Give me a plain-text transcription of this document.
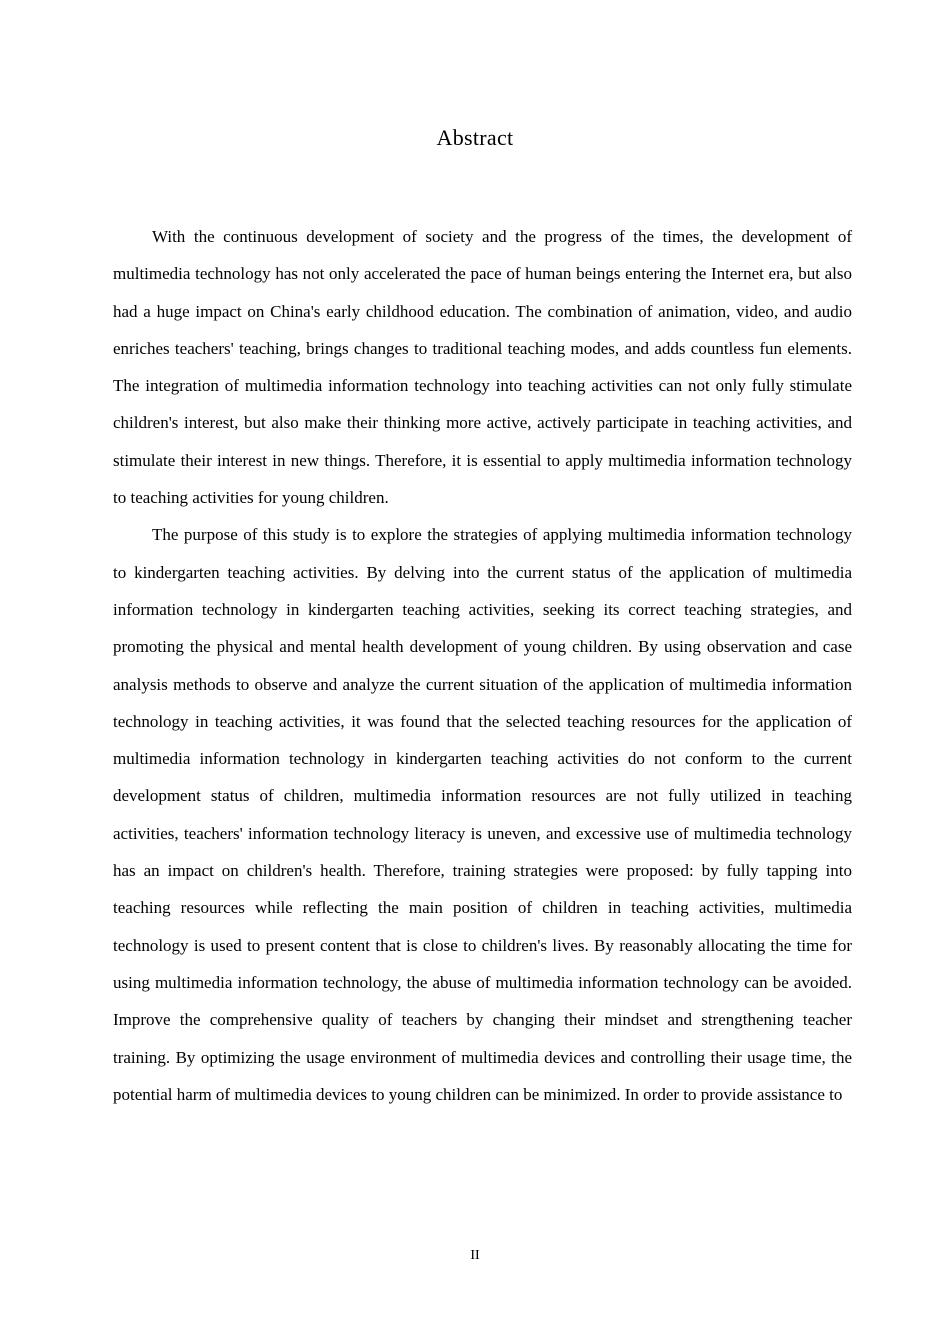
Abstract

With the continuous development of society and the progress of the times, the development of multimedia technology has not only accelerated the pace of human beings entering the Internet era, but also had a huge impact on China's early childhood education. The combination of animation, video, and audio enriches teachers' teaching, brings changes to traditional teaching modes, and adds countless fun elements. The integration of multimedia information technology into teaching activities can not only fully stimulate children's interest, but also make their thinking more active, actively participate in teaching activities, and stimulate their interest in new things. Therefore, it is essential to apply multimedia information technology to teaching activities for young children.

The purpose of this study is to explore the strategies of applying multimedia information technology to kindergarten teaching activities. By delving into the current status of the application of multimedia information technology in kindergarten teaching activities, seeking its correct teaching strategies, and promoting the physical and mental health development of young children. By using observation and case analysis methods to observe and analyze the current situation of the application of multimedia information technology in teaching activities, it was found that the selected teaching resources for the application of multimedia information technology in kindergarten teaching activities do not conform to the current development status of children, multimedia information resources are not fully utilized in teaching activities, teachers' information technology literacy is uneven, and excessive use of multimedia technology has an impact on children's health. Therefore, training strategies were proposed: by fully tapping into teaching resources while reflecting the main position of children in teaching activities, multimedia technology is used to present content that is close to children's lives. By reasonably allocating the time for using multimedia information technology, the abuse of multimedia information technology can be avoided. Improve the comprehensive quality of teachers by changing their mindset and strengthening teacher training. By optimizing the usage environment of multimedia devices and controlling their usage time, the potential harm of multimedia devices to young children can be minimized. In order to provide assistance to

II
